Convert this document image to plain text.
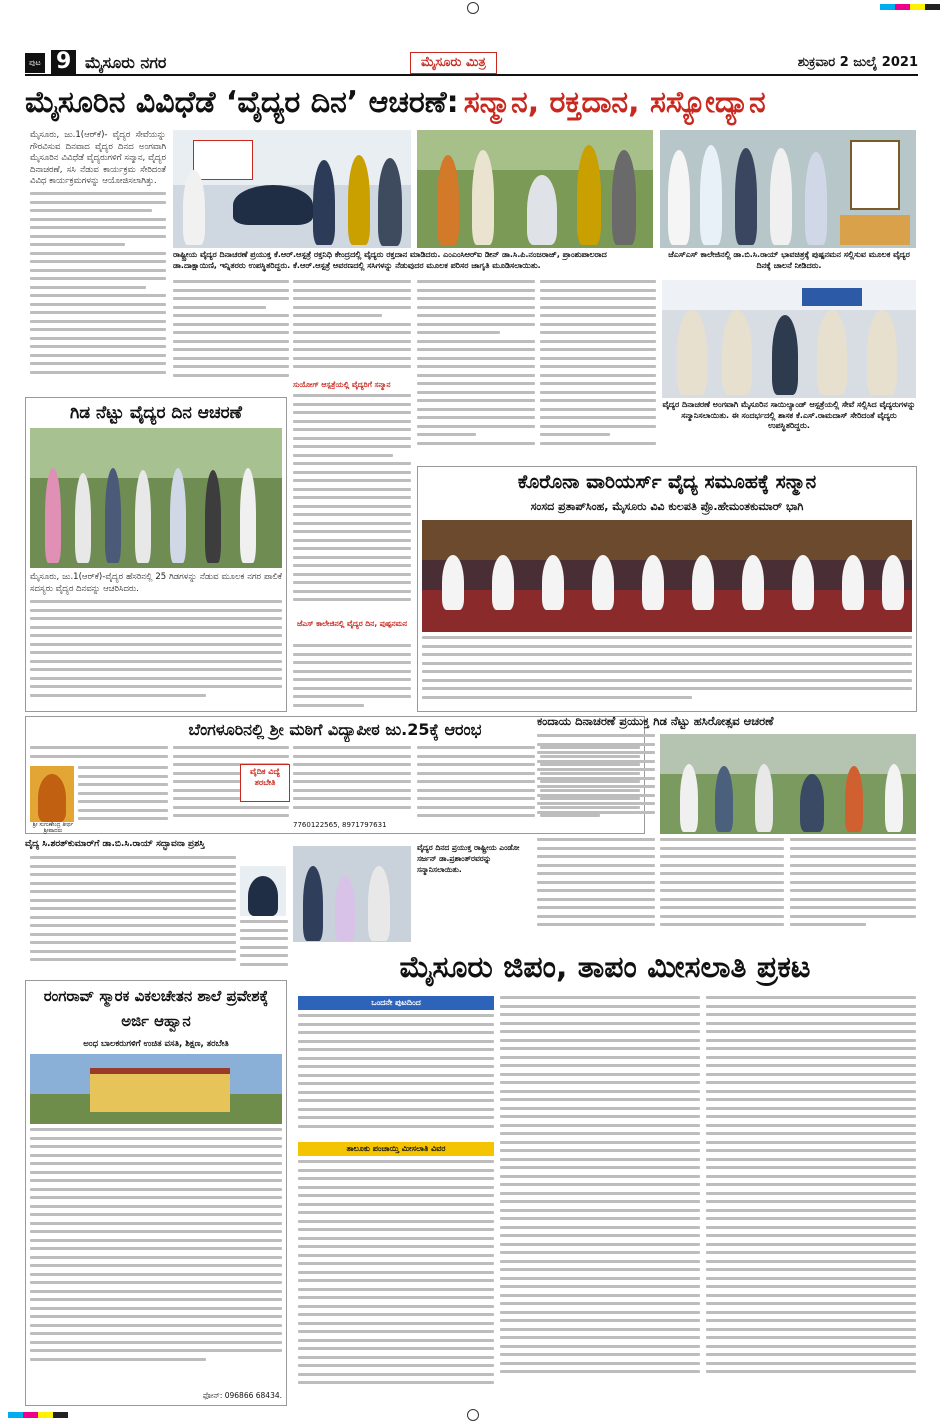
ಪುಟ 9 ಮೈಸೂರು ನಗರ	ಮೈಸೂರು ಮಿತ್ರ	ಶುಕ್ರವಾರ 2 ಜುಲೈ 2021
ಮೈಸೂರಿನ ವಿವಿಧೆಡೆ ‘ವೈದ್ಯರ ದಿನ’ ಆಚರಣೆ: ಸನ್ಮಾನ, ರಕ್ತದಾನ, ಸಸ್ಯೋದ್ಯಾನ
ಮೈಸೂರು, ಜು.1(ಆರ್‌ಕೆ)- ವೈದ್ಯರ ಸೇವೆಯನ್ನು ಗೌರವಿಸುವ ದಿನವಾದ ವೈದ್ಯರ ದಿನದ ಅಂಗವಾಗಿ ಮೈಸೂರಿನ ವಿವಿಧೆಡೆ ವೈದ್ಯರುಗಳಿಗೆ ಸನ್ಮಾನ, ವೈದ್ಯರ ದಿನಾಚರಣೆ, ಸಸಿ ನೆಡುವ ಕಾರ್ಯಕ್ರಮ ಸೇರಿದಂತೆ ವಿವಿಧ ಕಾರ್ಯಕ್ರಮಗಳನ್ನು ಆಯೋಜಿಸಲಾಗಿತ್ತು.
ರಾಷ್ಟ್ರೀಯ ವೈದ್ಯರ ದಿನಾಚರಣೆ ಪ್ರಯುಕ್ತ ಕೆ.ಆರ್.ಆಸ್ಪತ್ರೆ ರಕ್ತನಿಧಿ ಕೇಂದ್ರದಲ್ಲಿ ವೈದ್ಯರು ರಕ್ತದಾನ ಮಾಡಿದರು. ಎಂಎಂಸಿಆರ್‌ಐ ಡೀನ್ ಡಾ.ಸಿ.ಪಿ.ನಂಜರಾಜ್, ಪ್ರಾಂಶುಪಾಲರಾದ ಡಾ.ದಾಕ್ಷಾಯಿಣಿ, ಇನ್ನಿತರರು ಉಪಸ್ಥಿತರಿದ್ದರು. ಕೆ.ಆರ್.ಆಸ್ಪತ್ರೆ ಆವರಣದಲ್ಲಿ ಸಸಿಗಳನ್ನು ನೆಡುವುದರ ಮೂಲಕ ಪರಿಸರ ಜಾಗೃತಿ ಮೂಡಿಸಲಾಯಿತು.
ಜೆಎಸ್‌ಎಸ್ ಕಾಲೇಜಿನಲ್ಲಿ ಡಾ.ಬಿ.ಸಿ.ರಾಯ್ ಭಾವಚಿತ್ರಕ್ಕೆ ಪುಷ್ಪನಮನ ಸಲ್ಲಿಸುವ ಮೂಲಕ ವೈದ್ಯರ ದಿನಕ್ಕೆ ಚಾಲನೆ ನೀಡಿದರು.
ಸುಯೋಗ್ ಆಸ್ಪತ್ರೆಯಲ್ಲಿ ವೈದ್ಯರಿಗೆ ಸನ್ಮಾನ
ಜೆಎಸ್ ಕಾಲೇಜಿನಲ್ಲಿ ವೈದ್ಯರ ದಿನ, ಪುಷ್ಪನಮನ
ವೈದ್ಯರ ದಿನಾಚರಣೆ ಅಂಗವಾಗಿ ಮೈಸೂರಿನ ಸಾಯಿಲ್ಯಾಂಡ್ ಆಸ್ಪತ್ರೆಯಲ್ಲಿ ಸೇವೆ ಸಲ್ಲಿಸಿದ ವೈದ್ಯರುಗಳನ್ನು ಸನ್ಮಾನಿಸಲಾಯಿತು. ಈ ಸಂದರ್ಭದಲ್ಲಿ ಶಾಸಕ ಕೆ.ಎಸ್.ರಾಮದಾಸ್ ಸೇರಿದಂತೆ ವೈದ್ಯರು ಉಪಸ್ಥಿತರಿದ್ದರು.
ಗಿಡ ನೆಟ್ಟು ವೈದ್ಯರ ದಿನ ಆಚರಣೆ
ಮೈಸೂರು, ಜು.1(ಆರ್‌ಕೆ)-ವೈದ್ಯರ ಹೆಸರಿನಲ್ಲಿ 25 ಗಿಡಗಳನ್ನು ನೆಡುವ ಮೂಲಕ ನಗರ ಪಾಲಿಕೆ ಸದಸ್ಯರು ವೈದ್ಯರ ದಿನವನ್ನು ಆಚರಿಸಿದರು.
ಕೊರೊನಾ ವಾರಿಯರ್ಸ್ ವೈದ್ಯ ಸಮೂಹಕ್ಕೆ ಸನ್ಮಾನ
ಸಂಸದ ಪ್ರತಾಪ್‌ಸಿಂಹ, ಮೈಸೂರು ವಿವಿ ಕುಲಪತಿ ಪ್ರೊ.ಹೇಮಂತಕುಮಾರ್ ಭಾಗಿ
ಬೆಂಗಳೂರಿನಲ್ಲಿ ಶ್ರೀ ಮಠಿಗೆ ವಿದ್ಯಾಪೀಠ ಜು.25ಕ್ಕೆ ಆರಂಭ
ಶ್ರೀ ಸುಗುಣೇಂದ್ರ ತೀರ್ಥ ಶ್ರೀಪಾದರು
ವೈದಿಕ ವಿದ್ಯೆ ತರಬೇತಿ
7760122565, 8971797631
ಕಂದಾಯ ದಿನಾಚರಣೆ ಪ್ರಯುಕ್ತ ಗಿಡ ನೆಟ್ಟು ಹಸಿರೋತ್ಸವ ಆಚರಣೆ
ವೈದ್ಯ ಸಿ.ಶರತ್‌ಕುಮಾರ್‌ಗೆ ಡಾ.ಬಿ.ಸಿ.ರಾಯ್ ಸದ್ಭಾವನಾ ಪ್ರಶಸ್ತಿ	ವೈದ್ಯರ ದಿನದ ಪ್ರಯುಕ್ತ ರಾಷ್ಟ್ರೀಯ ಎಂಡೋ ಸರ್ಜನ್ ಡಾ.ಪ್ರಶಾಂತ್‌ರವರನ್ನು ಸನ್ಮಾನಿಸಲಾಯಿತು.
ಮೈಸೂರು ಜಿಪಂ, ತಾಪಂ ಮೀಸಲಾತಿ ಪ್ರಕಟ
ಒಂದನೇ ಪುಟದಿಂದ
ತಾಲೂಕು ಪಂಚಾಯ್ತಿ ಮೀಸಲಾತಿ ವಿವರ
ರಂಗರಾವ್ ಸ್ಮಾರಕ ವಿಕಲಚೇತನ ಶಾಲೆ ಪ್ರವೇಶಕ್ಕೆ ಅರ್ಜಿ ಆಹ್ವಾನ
ಅಂಧ ಬಾಲಕರುಗಳಿಗೆ ಉಚಿತ ವಸತಿ, ಶಿಕ್ಷಣ, ತರಬೇತಿ
ಫೋನ್: 096866 68434.
